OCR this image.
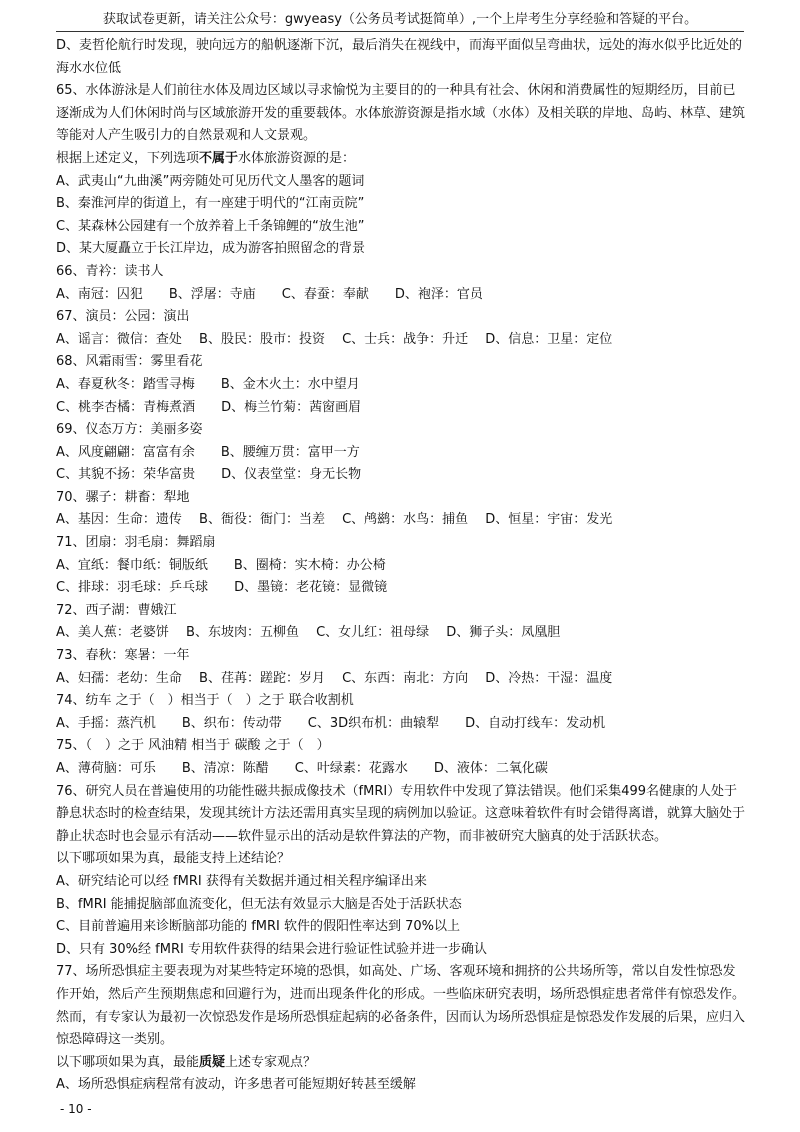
获取试卷更新，请关注公众号：gwyeasy（公务员考试挺简单）,一个上岸考生分享经验和答疑的平台。

D、麦哲伦航行时发现，驶向远方的船帆逐渐下沉，最后消失在视线中，而海平面似呈弯曲状，远处的海水似乎比近处的海水水位低

65、水体游泳是人们前往水体及周边区域以寻求愉悦为主要目的的一种具有社会、休闲和消费属性的短期经历，目前已逐渐成为人们休闲时尚与区域旅游开发的重要载体。水体旅游资源是指水域（水体）及相关联的岸地、岛屿、林草、建筑等能对人产生吸引力的自然景观和人文景观。

根据上述定义，下列选项不属于水体旅游资源的是：

A、武夷山“九曲溪”两旁随处可见历代文人墨客的题词

B、秦淮河岸的街道上，有一座建于明代的“江南贡院”

C、某森林公园建有一个放养着上千条锦鲤的“放生池”

D、某大厦矗立于长江岸边，成为游客拍照留念的背景

66、青衿：读书人

A、南冠：囚犯　　B、浮屠：寺庙　　C、春蚕：奉献　　D、袍泽：官员

67、演员：公园：演出

A、谣言：微信：查处　 B、股民：股市：投资　 C、士兵：战争：升迁　 D、信息：卫星：定位

68、风霜雨雪：雾里看花

A、春夏秋冬：踏雪寻梅　　B、金木火土：水中望月

C、桃李杏橘：青梅煮酒　　D、梅兰竹菊：茜窗画眉

69、仪态万方：美丽多姿

A、风度翩翩：富富有余　　B、腰缠万贯：富甲一方

C、其貌不扬：荣华富贵　　D、仪表堂堂：身无长物

70、骡子：耕畜：犁地

A、基因：生命：遗传　 B、衙役：衙门：当差　 C、鸬鹚：水鸟：捕鱼　 D、恒星：宇宙：发光

71、团扇：羽毛扇：舞蹈扇

A、宜纸：餐巾纸：铜版纸　　B、圈椅：实木椅：办公椅

C、排球：羽毛球：乒乓球　　D、墨镜：老花镜：显微镜

72、西子湖：曹娥江

A、美人蕉：老婆饼　 B、东坡肉：五柳鱼　 C、女儿红：祖母绿　 D、狮子头：凤凰胆

73、春秋：寒暑：一年

A、妇孺：老幼：生命　 B、荏苒：蹉跎：岁月　 C、东西：南北：方向　 D、冷热：干湿：温度

74、纺车 之于（　）相当于（　）之于 联合收割机

A、手摇：蒸汽机　　B、织布：传动带　　C、3D织布机：曲辕犁　　D、自动打线车：发动机

75、（　）之于 风油精 相当于 碳酸 之于（　）

A、薄荷脑：可乐　　B、清凉：陈醋　　C、叶绿素：花露水　　D、液体：二氧化碳

76、研究人员在普遍使用的功能性磁共振成像技术（fMRI）专用软件中发现了算法错误。他们采集499名健康的人处于静息状态时的检查结果，发现其统计方法还需用真实呈现的病例加以验证。这意味着软件有时会错得离谱，就算大脑处于静止状态时也会显示有活动——软件显示出的活动是软件算法的产物，而非被研究大脑真的处于活跃状态。

以下哪项如果为真，最能支持上述结论？

A、研究结论可以经 fMRI 获得有关数据并通过相关程序编译出来

B、fMRI 能捕捉脑部血流变化，但无法有效显示大脑是否处于活跃状态

C、目前普遍用来诊断脑部功能的 fMRI 软件的假阳性率达到 70%以上

D、只有 30%经 fMRI 专用软件获得的结果会进行验证性试验并进一步确认

77、场所恐惧症主要表现为对某些特定环境的恐惧，如高处、广场、客观环境和拥挤的公共场所等，常以自发性惊恐发作开始，然后产生预期焦虑和回避行为，进而出现条件化的形成。一些临床研究表明，场所恐惧症患者常伴有惊恐发作。然而，有专家认为最初一次惊恐发作是场所恐惧症起病的必备条件，因而认为场所恐惧症是惊恐发作发展的后果，应归入惊恐障碍这一类别。

以下哪项如果为真，最能质疑上述专家观点？

A、场所恐惧症病程常有波动，许多患者可能短期好转甚至缓解

- 10 -
